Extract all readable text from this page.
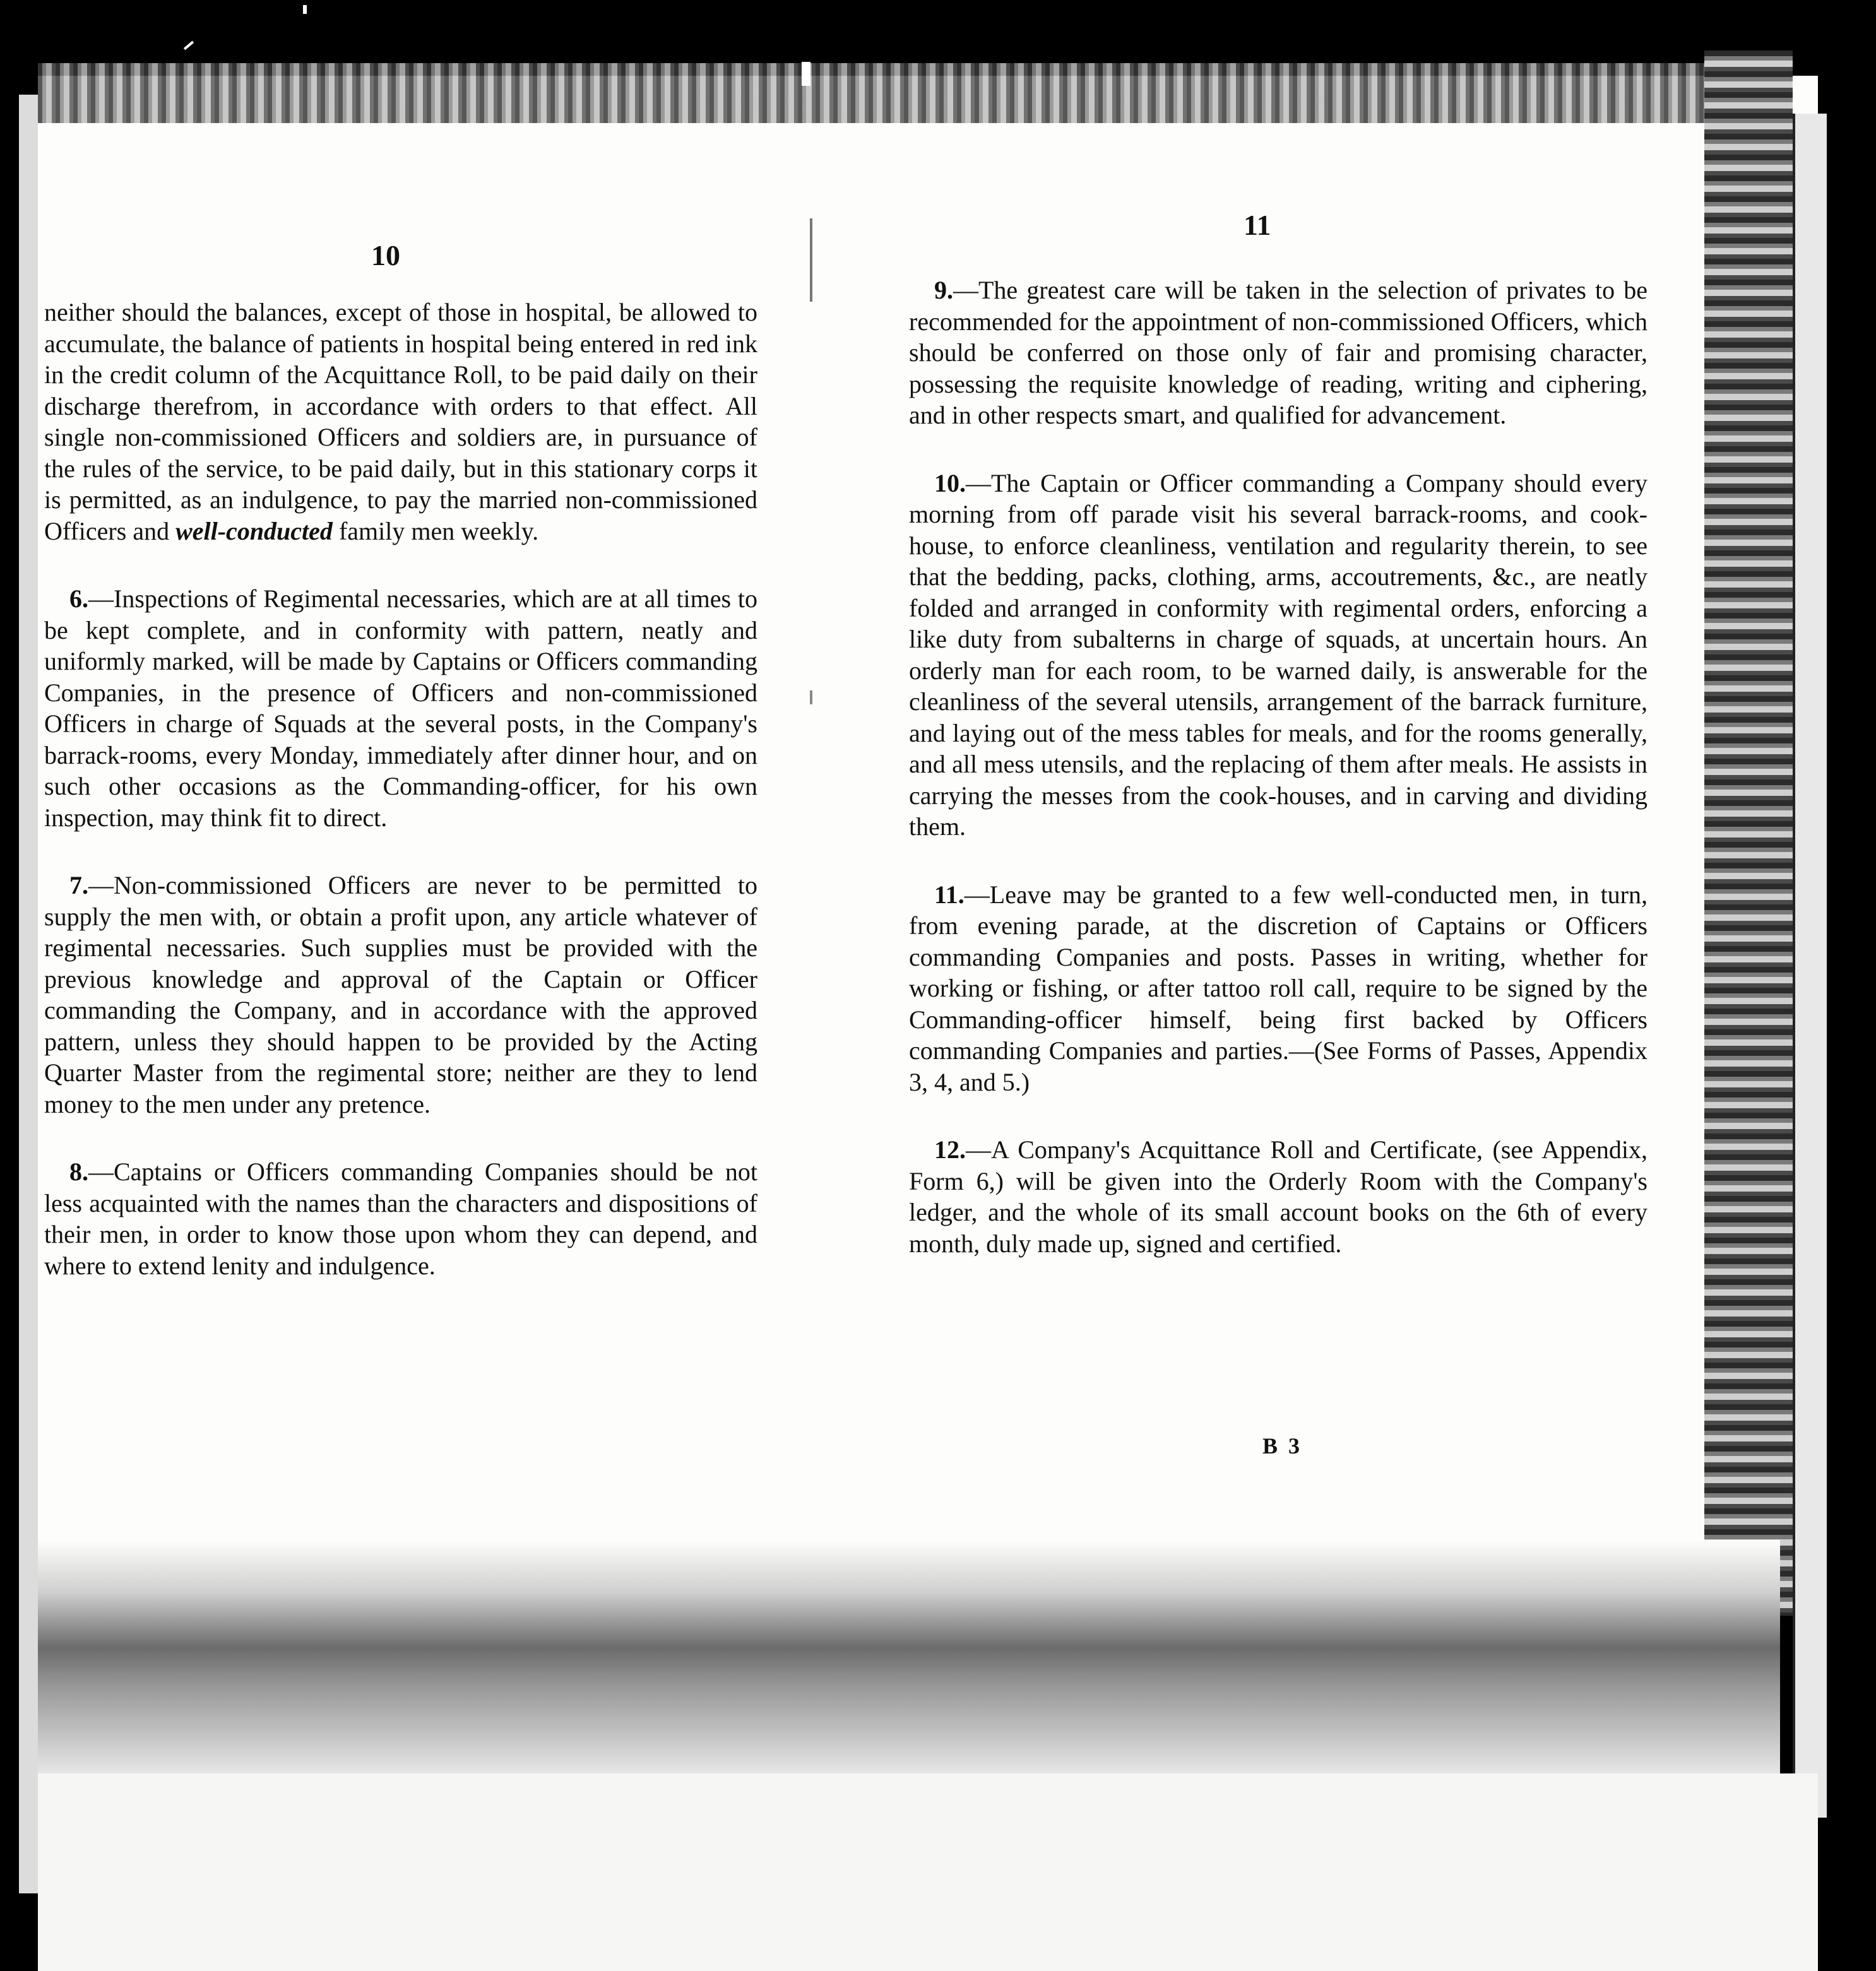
10

neither should the balances, except of those in hospital, be allowed to accumulate, the balance of patients in hospital being entered in red ink in the credit column of the Acquittance Roll, to be paid daily on their discharge therefrom, in accordance with orders to that effect. All single non-commissioned Officers and soldiers are, in pursuance of the rules of the service, to be paid daily, but in this stationary corps it is permitted, as an indulgence, to pay the married non-commissioned Officers and well-conducted family men weekly.

6.—Inspections of Regimental necessaries, which are at all times to be kept complete, and in conformity with pattern, neatly and uniformly marked, will be made by Captains or Officers commanding Companies, in the presence of Officers and non-commissioned Officers in charge of Squads at the several posts, in the Company's barrack-rooms, every Monday, immediately after dinner hour, and on such other occasions as the Commanding-officer, for his own inspection, may think fit to direct.

7.—Non-commissioned Officers are never to be permitted to supply the men with, or obtain a profit upon, any article whatever of regimental necessaries. Such supplies must be provided with the previous knowledge and approval of the Captain or Officer commanding the Company, and in accordance with the approved pattern, unless they should happen to be provided by the Acting Quarter Master from the regimental store; neither are they to lend money to the men under any pretence.

8.—Captains or Officers commanding Companies should be not less acquainted with the names than the characters and dispositions of their men, in order to know those upon whom they can depend, and where to extend lenity and indulgence.

11

9.—The greatest care will be taken in the selection of privates to be recommended for the appointment of non-commissioned Officers, which should be conferred on those only of fair and promising character, possessing the requisite knowledge of reading, writing and ciphering, and in other respects smart, and qualified for advancement.

10.—The Captain or Officer commanding a Company should every morning from off parade visit his several barrack-rooms, and cook-house, to enforce cleanliness, ventilation and regularity therein, to see that the bedding, packs, clothing, arms, accoutrements, &c., are neatly folded and arranged in conformity with regimental orders, enforcing a like duty from subalterns in charge of squads, at uncertain hours. An orderly man for each room, to be warned daily, is answerable for the cleanliness of the several utensils, arrangement of the barrack furniture, and laying out of the mess tables for meals, and for the rooms generally, and all mess utensils, and the replacing of them after meals. He assists in carrying the messes from the cook-houses, and in carving and dividing them.

11.—Leave may be granted to a few well-conducted men, in turn, from evening parade, at the discretion of Captains or Officers commanding Companies and posts. Passes in writing, whether for working or fishing, or after tattoo roll call, require to be signed by the Commanding-officer himself, being first backed by Officers commanding Companies and parties.—(See Forms of Passes, Appendix 3, 4, and 5.)

12.—A Company's Acquittance Roll and Certificate, (see Appendix, Form 6,) will be given into the Orderly Room with the Company's ledger, and the whole of its small account books on the 6th of every month, duly made up, signed and certified.

B 3
